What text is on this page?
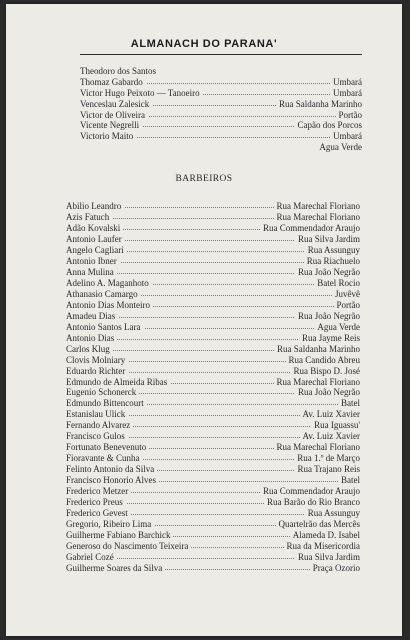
ALMANACH DO PARANA'
Theodoro dos Santos
Thomaz Gabardo	Umbará
Victor Hugo Peixoto — Tanoeiro	Umbará
Venceslau Zalesick	Rua Saldanha Marinho
Victor de Oliveira	Portão
Vicente Negrelli	Capão dos Porcos
Victorio Maito	Umbará
Agua Verde
BARBEIROS
Abilio Leandro	Rua Marechal Floriano
Azis Fatuch	Rua Marechal Floriano
Adão Kovalski	Rua Commendador Araujo
Antonio Laufer	Rua Silva Jardim
Angelo Cagliari	Rua Assunguy
Antonio Ibner	Rua Riachuelo
Anna Mulina	Rua João Negrão
Adelino A. Maganhoto	Batel Rocio
Athanasio Camargo	Juvêvê
Antonio Dias Monteiro	Portão
Amadeu Dias	Rua João Negrão
Antonio Santos Lara	Agua Verde
Antonio Dias	Rua Jayme Reis
Carlos Klug	Rua Saldanha Marinho
Clovis Molniary	Rua Candido Abreu
Eduardo Richter	Rua Bispo D. José
Edmundo de Almeida Ribas	Rua Marechal Floriano
Eugenio Schonerck	Rua João Negrão
Edmundo Bittencourt	Batel
Estanislau Ulick	Av. Luiz Xavier
Fernando Alvarez	Rua Iguassu'
Francisco Gulos	Av. Luiz Xavier
Fortunato Benevenuto	Rua Marechal Floriano
Fioravante & Cunha	Rua 1.º de Março
Felinto Antonio da Silva	Rua Trajano Reis
Francisco Honorio Alves	Batel
Frederico Metzer	Rua Commendador Araujo
Frederico Preus	Rua Barão do Rio Branco
Frederico Gevest	Rua Assunguy
Gregorio, Ribeiro Lima	Quartelrão das Mercês
Guilherme Fabiano Barchick	Alameda D. Isabel
Generoso do Nascimento Teixeira	Rua da Misericordia
Gabriel Cozé	Rua Silva Jardim
Guilherme Soares da Silva	Praça Ozorio
